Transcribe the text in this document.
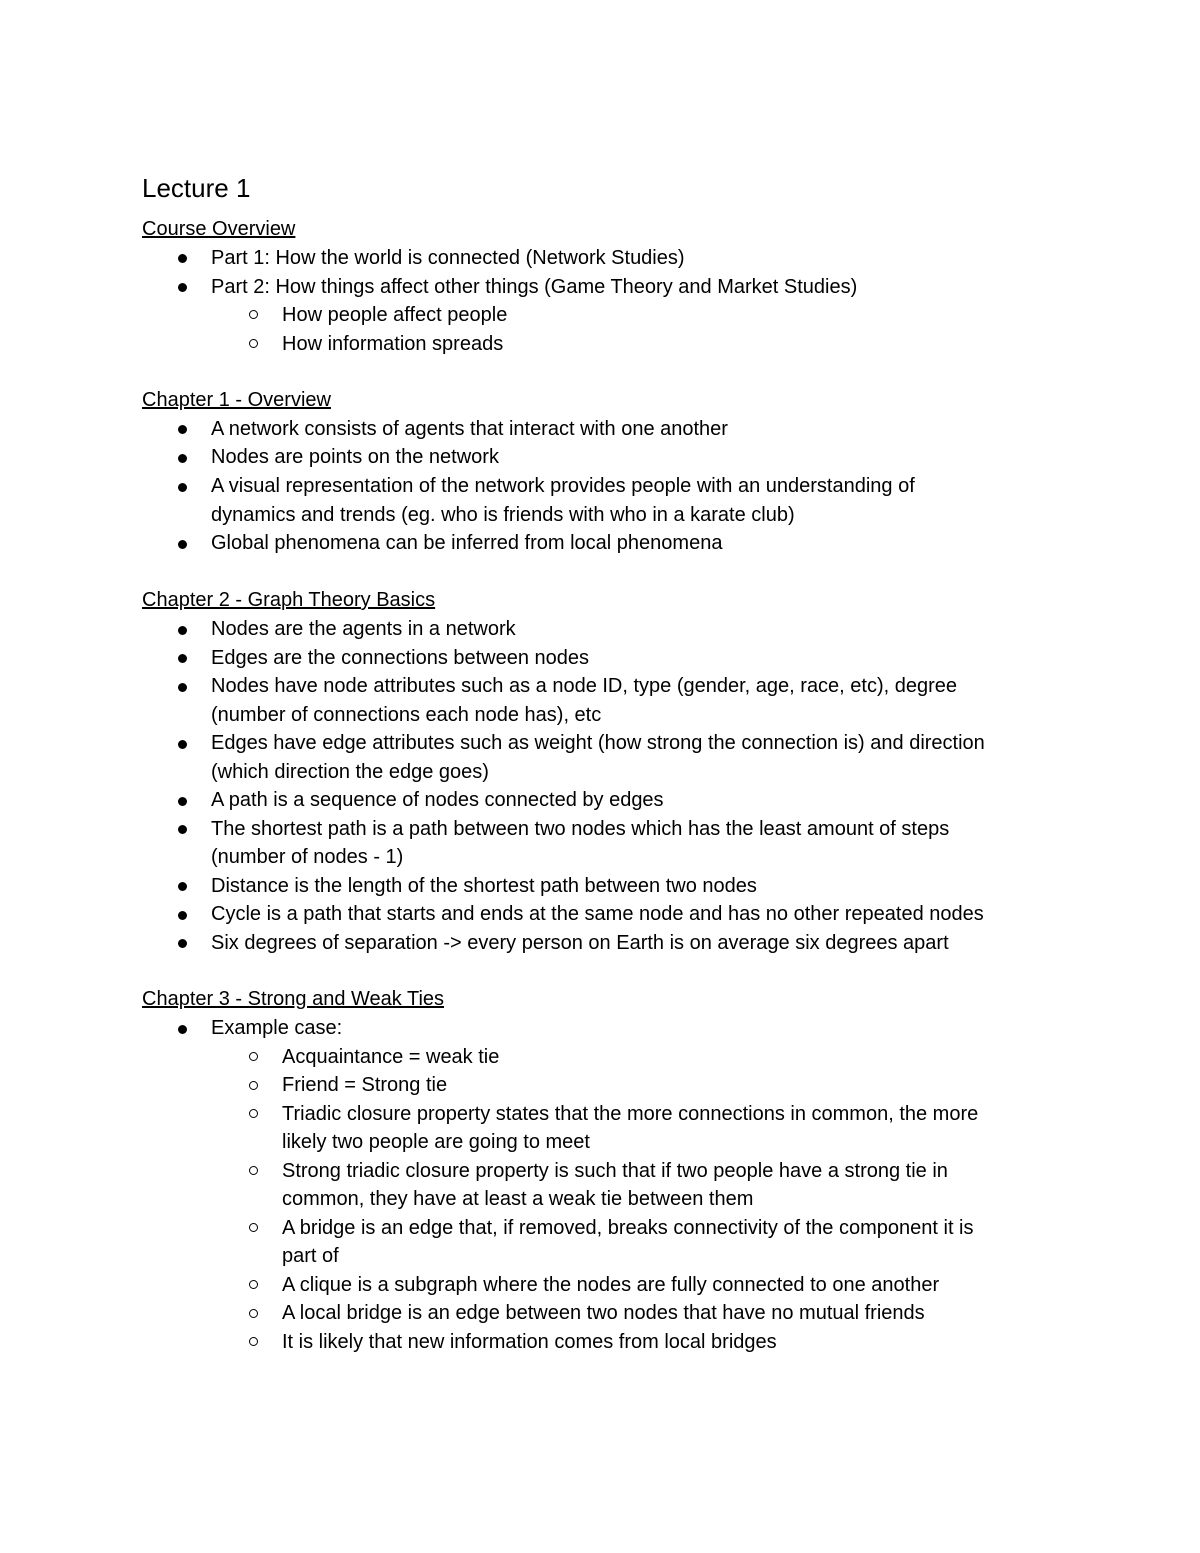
Lecture 1
Course Overview
Part 1: How the world is connected (Network Studies)
Part 2: How things affect other things (Game Theory and Market Studies)
How people affect people
How information spreads
Chapter 1 - Overview
A network consists of agents that interact with one another
Nodes are points on the network
A visual representation of the network provides people with an understanding of
dynamics and trends (eg. who is friends with who in a karate club)
Global phenomena can be inferred from local phenomena
Chapter 2 - Graph Theory Basics
Nodes are the agents in a network
Edges are the connections between nodes
Nodes have node attributes such as a node ID, type (gender, age, race, etc), degree
(number of connections each node has), etc
Edges have edge attributes such as weight (how strong the connection is) and direction
(which direction the edge goes)
A path is a sequence of nodes connected by edges
The shortest path is a path between two nodes which has the least amount of steps
(number of nodes - 1)
Distance is the length of the shortest path between two nodes
Cycle is a path that starts and ends at the same node and has no other repeated nodes
Six degrees of separation -> every person on Earth is on average six degrees apart
Chapter 3 - Strong and Weak Ties
Example case:
Acquaintance = weak tie
Friend = Strong tie
Triadic closure property states that the more connections in common, the more
likely two people are going to meet
Strong triadic closure property is such that if two people have a strong tie in
common, they have at least a weak tie between them
A bridge is an edge that, if removed, breaks connectivity of the component it is
part of
A clique is a subgraph where the nodes are fully connected to one another
A local bridge is an edge between two nodes that have no mutual friends
It is likely that new information comes from local bridges
